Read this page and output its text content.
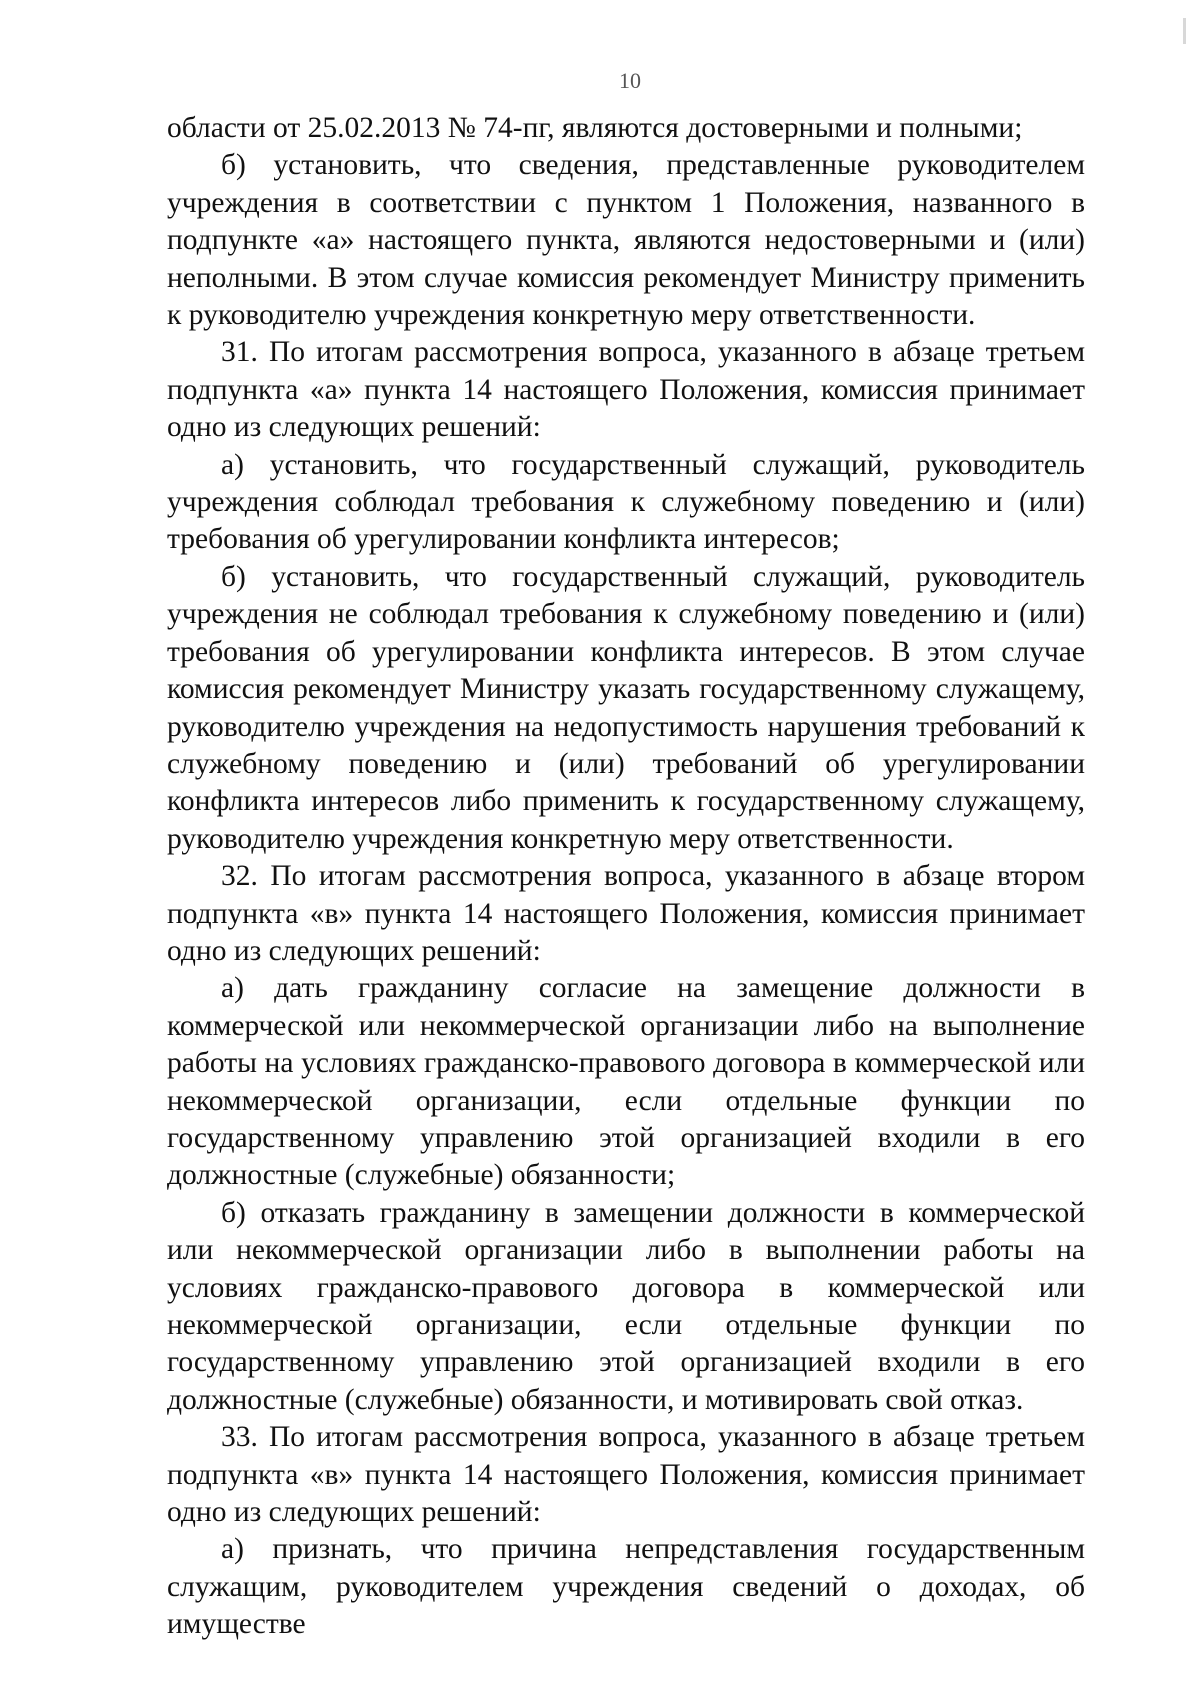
10

области от 25.02.2013 № 74-пг, являются достоверными и полными;

б) установить, что сведения, представленные руководителем учреждения в соответствии с пунктом 1 Положения, названного в подпункте «а» настоящего пункта, являются недостоверными и (или) неполными. В этом случае комиссия рекомендует Министру применить к руководителю учреждения конкретную меру ответственности.

31. По итогам рассмотрения вопроса, указанного в абзаце третьем подпункта «а» пункта 14 настоящего Положения, комиссия принимает одно из следующих решений:

а) установить, что государственный служащий, руководитель учреждения соблюдал требования к служебному поведению и (или) требования об урегулировании конфликта интересов;

б) установить, что государственный служащий, руководитель учреждения не соблюдал требования к служебному поведению и (или) требования об урегулировании конфликта интересов. В этом случае комиссия рекомендует Министру указать государственному служащему, руководителю учреждения на недопустимость нарушения требований к служебному поведению и (или) требований об урегулировании конфликта интересов либо применить к государственному служащему, руководителю учреждения конкретную меру ответственности.

32. По итогам рассмотрения вопроса, указанного в абзаце втором подпункта «в» пункта 14 настоящего Положения, комиссия принимает одно из следующих решений:

а) дать гражданину согласие на замещение должности в коммерческой или некоммерческой организации либо на выполнение работы на условиях гражданско-правового договора в коммерческой или некоммерческой организации, если отдельные функции по государственному управлению этой организацией входили в его должностные (служебные) обязанности;

б) отказать гражданину в замещении должности в коммерческой или некоммерческой организации либо в выполнении работы на условиях гражданско-правового договора в коммерческой или некоммерческой организации, если отдельные функции по государственному управлению этой организацией входили в его должностные (служебные) обязанности, и мотивировать свой отказ.

33. По итогам рассмотрения вопроса, указанного в абзаце третьем подпункта «в» пункта 14 настоящего Положения, комиссия принимает одно из следующих решений:

а) признать, что причина непредставления государственным служащим, руководителем учреждения сведений о доходах, об имуществе
